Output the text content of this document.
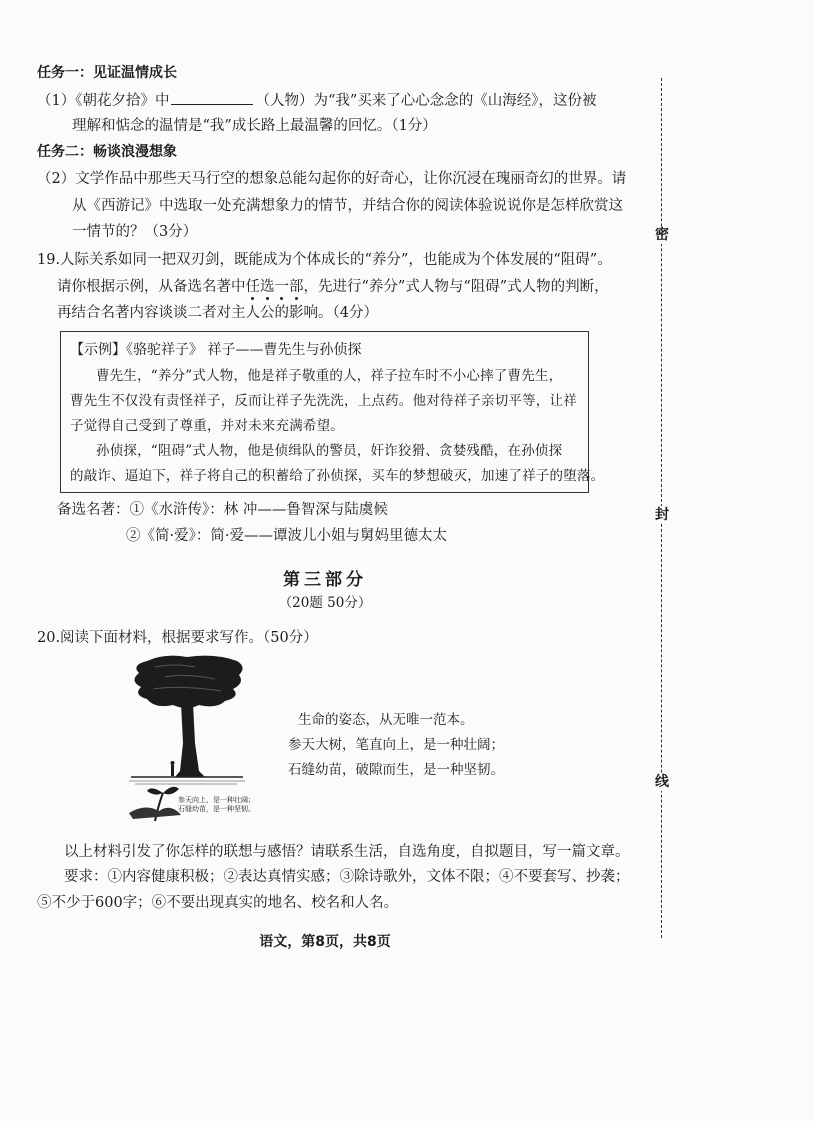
任务一：见证温情成长
（1）《朝花夕拾》中	（人物）为“我”买来了心心念念的《山海经》，这份被
理解和惦念的温情是“我”成长路上最温馨的回忆。（1分）
任务二：畅谈浪漫想象
（2）文学作品中那些天马行空的想象总能勾起你的好奇心，让你沉浸在瑰丽奇幻的世界。请
从《西游记》中选取一处充满想象力的情节，并结合你的阅读体验说说你是怎样欣赏这
一情节的？（3分）
19.人际关系如同一把双刃剑，既能成为个体成长的“养分”，也能成为个体发展的“阻碍”。
请你根据示例，从备选名著中任选一部，先进行“养分”式人物与“阻碍”式人物的判断，
再结合名著内容谈谈二者对主人公的影响。（4分）
【示例】《骆驼祥子》 祥子——曹先生与孙侦探
曹先生，“养分”式人物，他是祥子敬重的人，祥子拉车时不小心摔了曹先生，
曹先生不仅没有责怪祥子，反而让祥子先洗洗，上点药。他对待祥子亲切平等，让祥
子觉得自己受到了尊重，并对未来充满希望。
孙侦探，“阻碍”式人物，他是侦缉队的警员，奸诈狡猾、贪婪残酷，在孙侦探
的敲诈、逼迫下，祥子将自己的积蓄给了孙侦探，买车的梦想破灭，加速了祥子的堕落。
备选名著：①《水浒传》：林 冲——鲁智深与陆虞候
②《简·爱》：简·爱——谭波儿小姐与舅妈里德太太
第三部分
（20题 50分）
20.阅读下面材料，根据要求写作。（50分）
参天向上，是一种壮阔；
石缝幼苗，是一种坚韧。
生命的姿态，从无唯一范本。
参天大树，笔直向上，是一种壮阔；
石缝幼苗，破隙而生，是一种坚韧。
以上材料引发了你怎样的联想与感悟？请联系生活，自选角度，自拟题目，写一篇文章。
要求：①内容健康积极；②表达真情实感；③除诗歌外，文体不限；④不要套写、抄袭；
⑤不少于600字；⑥不要出现真实的地名、校名和人名。
语文，第8页，共8页
密
封
线
